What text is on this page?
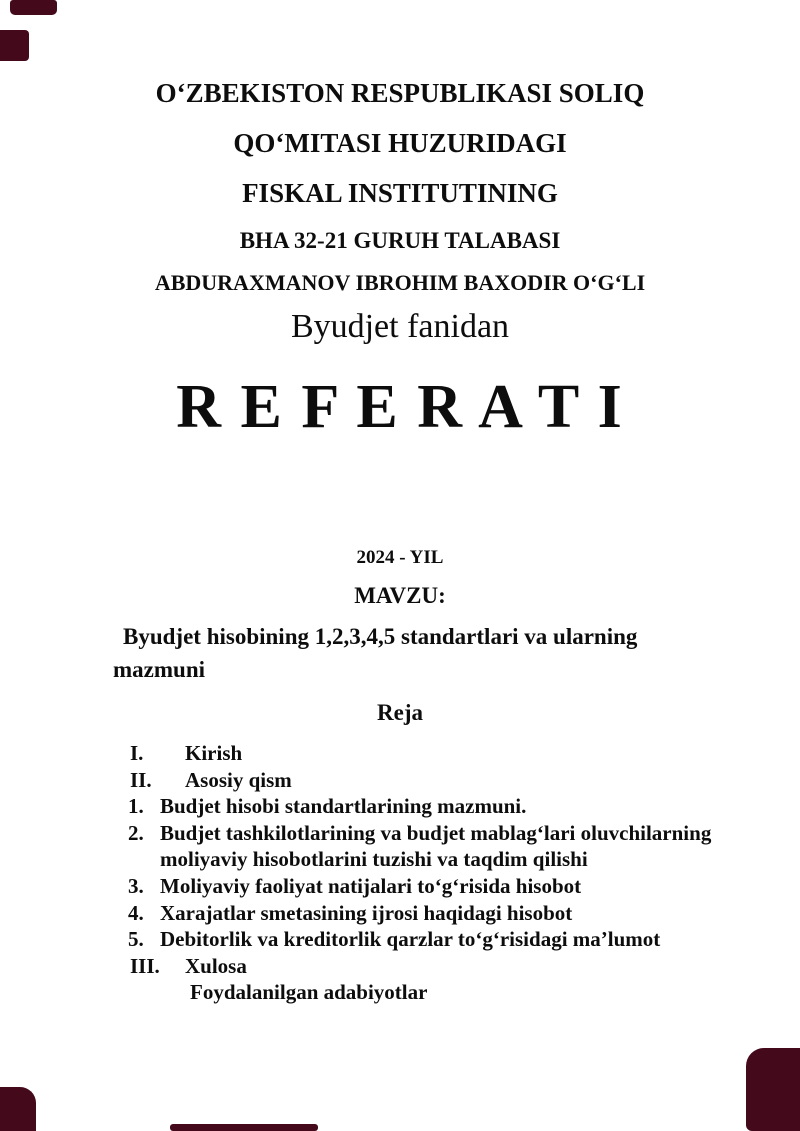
O‘ZBEKISTON RESPUBLIKASI SOLIQ
QO‘MITASI HUZURIDAGI
FISKAL INSTITUTINING
BHA 32-21 GURUH TALABASI
ABDURAXMANOV IBROHIM BAXODIR O‘G‘LI
Byudjet fanidan
R E F E R A T I
2024 - YIL
MAVZU:
Byudjet hisobining 1,2,3,4,5 standartlari va ularning mazmuni
Reja
I.	Kirish
II.	Asosiy qism
1. Budjet hisobi standartlarining mazmuni.
2. Budjet tashkilotlarining va budjet mablag‘lari oluvchilarning moliyaviy hisobotlarini tuzishi va taqdim qilishi
3. Moliyaviy faoliyat natijalari to‘g‘risida hisobot
4. Xarajatlar smetasining ijrosi haqidagi hisobot
5. Debitorlik va kreditorlik qarzlar to‘g‘risidagi ma’lumot
III.	Xulosa
Foydalanilgan adabiyotlar
